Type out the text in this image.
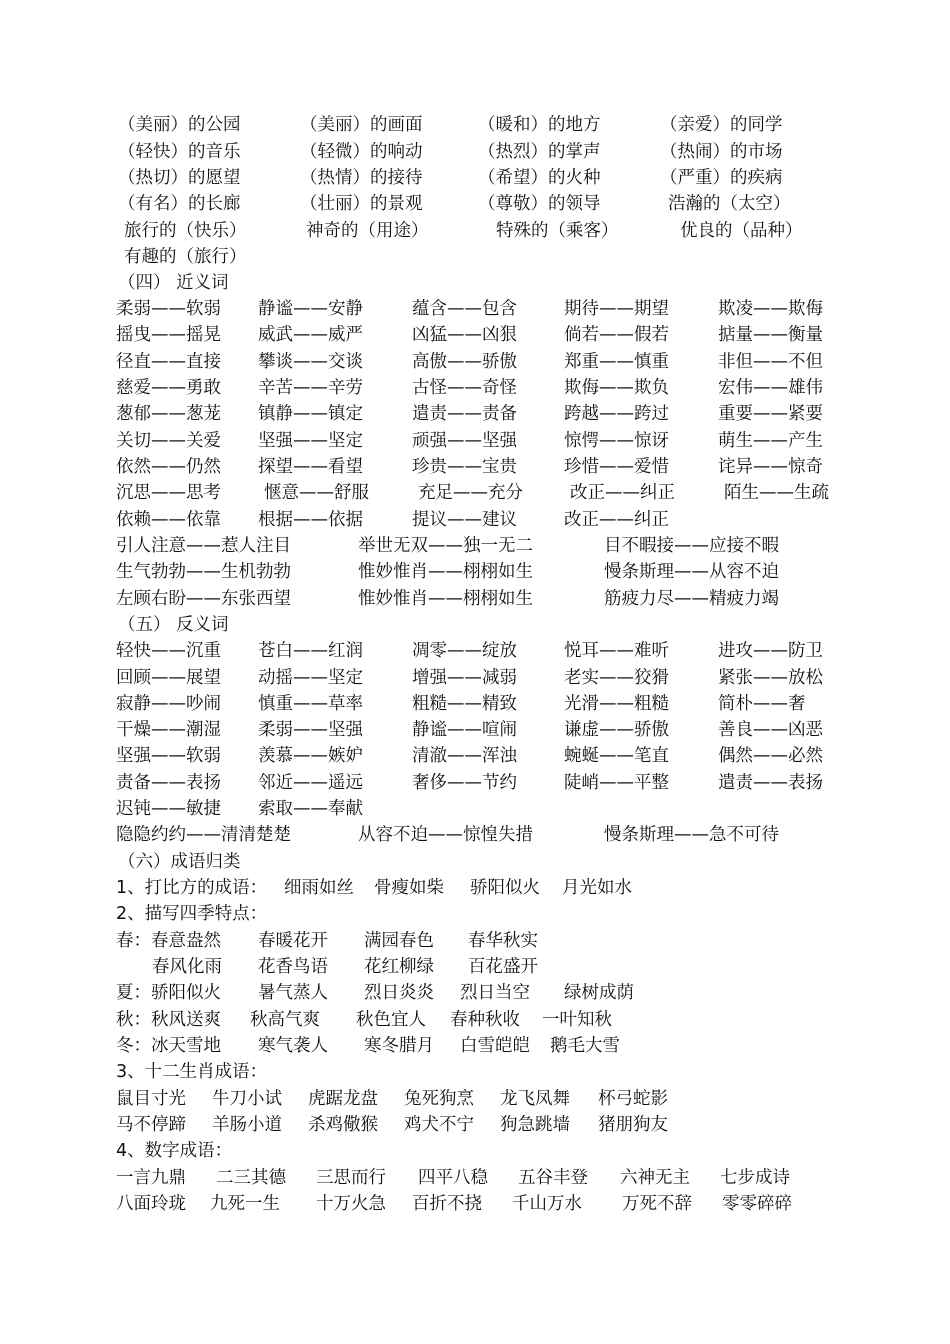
（美丽）的公园	（美丽）的画面	（暖和）的地方	（亲爱）的同学
（轻快）的音乐	（轻微）的响动	（热烈）的掌声	（热闹）的市场
（热切）的愿望	（热情）的接待	（希望）的火种	（严重）的疾病
（有名）的长廊	（壮丽）的景观	（尊敬）的领导	浩瀚的（太空）
旅行的（快乐）	神奇的（用途）	特殊的（乘客）	优良的（品种）
有趣的（旅行）
（四） 近义词
柔弱——软弱 静谧——安静	蕴含——包含	期待——期望	欺凌——欺侮
摇曳——摇晃 威武——威严	凶猛——凶狠	倘若——假若	掂量——衡量
径直——直接 攀谈——交谈	高傲——骄傲	郑重——慎重	非但——不但
慈爱——勇敢 辛苦——辛劳	古怪——奇怪	欺侮——欺负	宏伟——雄伟
葱郁——葱茏 镇静——镇定	遣责——责备	跨越——跨过	重要——紧要
关切——关爱 坚强——坚定	顽强——坚强	惊愕——惊讶	萌生——产生
依然——仍然 探望——看望	珍贵——宝贵	珍惜——爱惜	诧异——惊奇
沉思——思考 惬意——舒服	充足——充分	改正——纠正	陌生——生疏
依赖——依靠 根据——依据	提议——建议	改正——纠正
引人注意——惹人注目	举世无双——独一无二	目不暇接——应接不暇
生气勃勃——生机勃勃	惟妙惟肖——栩栩如生	慢条斯理——从容不迫
左顾右盼——东张西望	惟妙惟肖——栩栩如生	筋疲力尽——精疲力竭
（五） 反义词
轻快——沉重 苍白——红润	凋零——绽放	悦耳——难听	进攻——防卫
回顾——展望 动摇——坚定	增强——减弱	老实——狡猾	紧张——放松
寂静——吵闹 慎重——草率	粗糙——精致	光滑——粗糙	简朴——奢
干燥——潮湿 柔弱——坚强	静谧——喧闹	谦虚——骄傲	善良——凶恶
坚强——软弱 羡慕——嫉妒	清澈——浑浊	蜿蜒——笔直	偶然——必然
责备——表扬 邻近——遥远	奢侈——节约	陡峭——平整	遣责——表扬
迟钝——敏捷 索取——奉献
隐隐约约——清清楚楚	从容不迫——惊惶失措	慢条斯理——急不可待
（六）成语归类
1、打比方的成语： 细雨如丝 骨瘦如柴 骄阳似火 月光如水
2、描写四季特点：
春：春意盎然 春暖花开 满园春色 春华秋实
春风化雨 花香鸟语 花红柳绿 百花盛开
夏：骄阳似火 暑气蒸人 烈日炎炎 烈日当空 绿树成荫
秋：秋风送爽 秋高气爽 秋色宜人 春种秋收 一叶知秋
冬：冰天雪地 寒气袭人 寒冬腊月 白雪皑皑 鹅毛大雪
3、十二生肖成语：
鼠目寸光 牛刀小试 虎踞龙盘 兔死狗烹 龙飞凤舞 杯弓蛇影
马不停蹄 羊肠小道 杀鸡儆猴 鸡犬不宁 狗急跳墙 猪朋狗友
4、数字成语：
一言九鼎 二三其德 三思而行 四平八稳 五谷丰登 六神无主 七步成诗
八面玲珑 九死一生 十万火急 百折不挠 千山万水 万死不辞 零零碎碎
